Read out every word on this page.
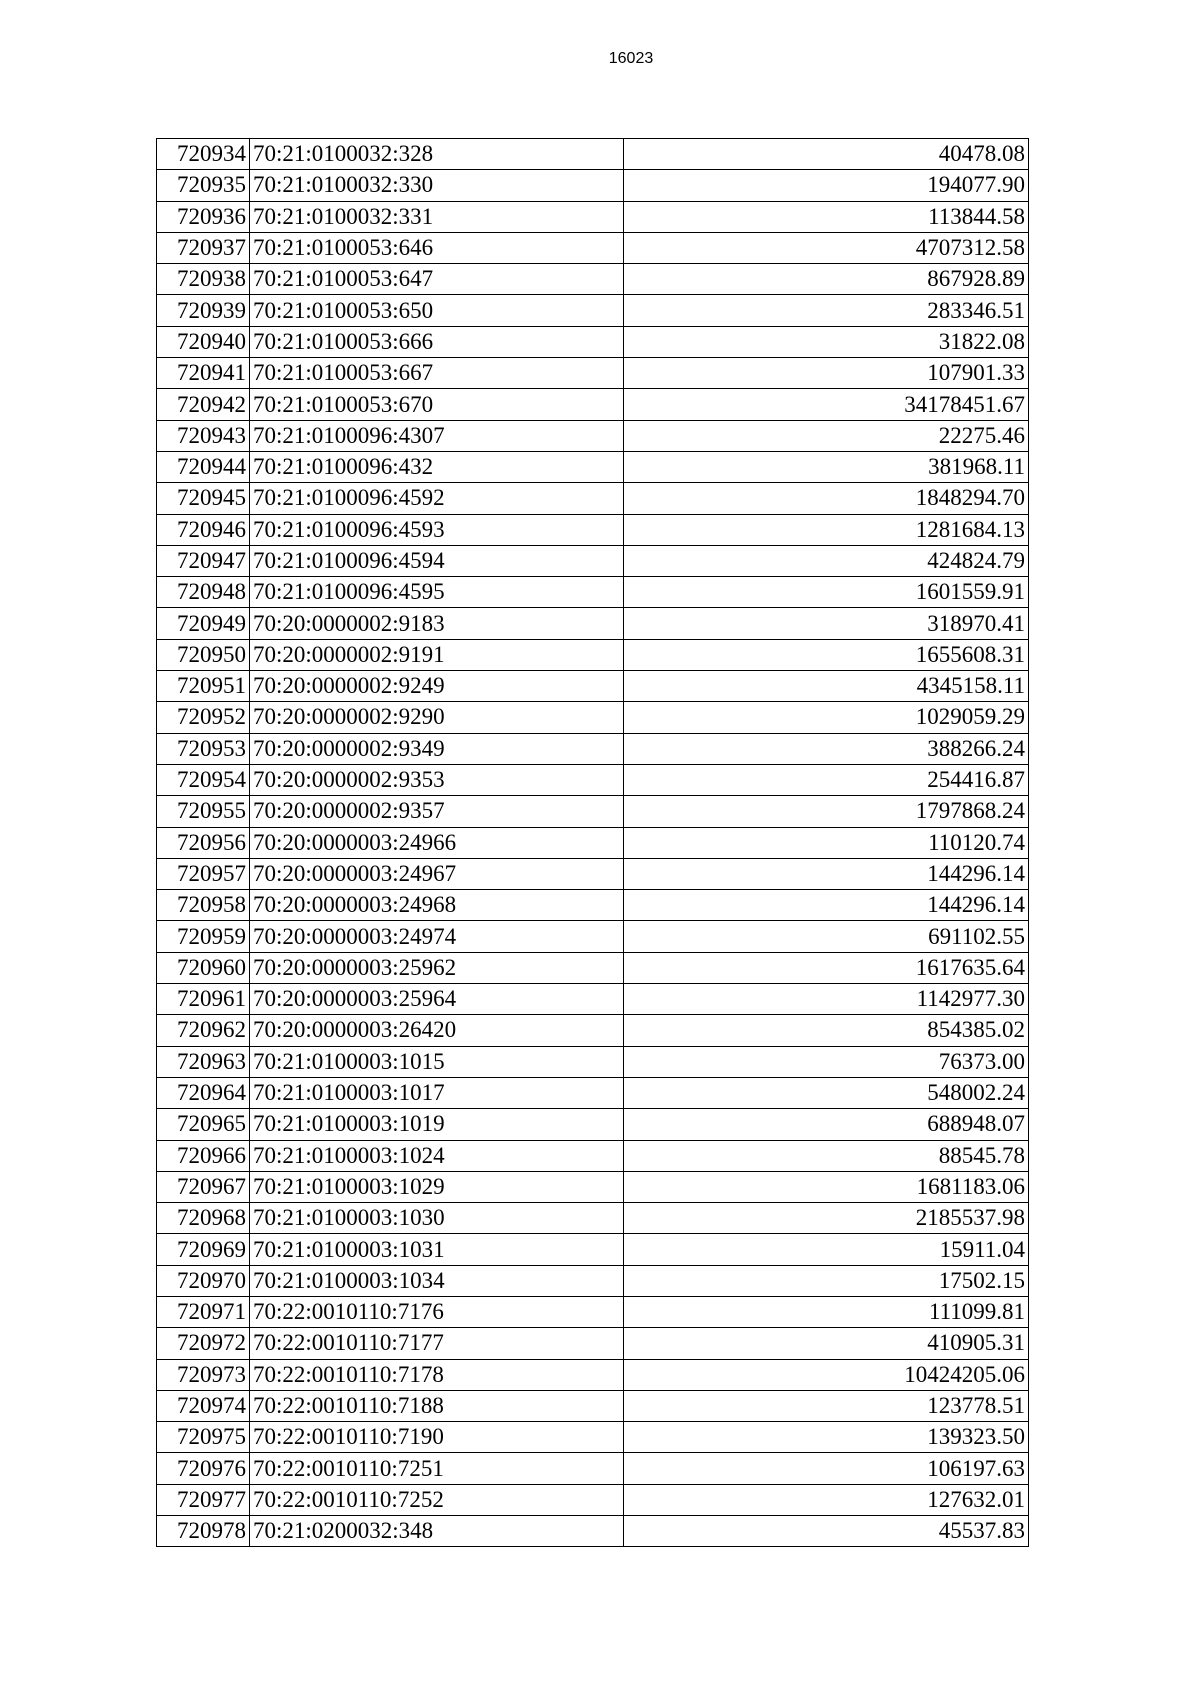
16023
720934	70:21:0100032:328	40478.08
720935	70:21:0100032:330	194077.90
720936	70:21:0100032:331	113844.58
720937	70:21:0100053:646	4707312.58
720938	70:21:0100053:647	867928.89
720939	70:21:0100053:650	283346.51
720940	70:21:0100053:666	31822.08
720941	70:21:0100053:667	107901.33
720942	70:21:0100053:670	34178451.67
720943	70:21:0100096:4307	22275.46
720944	70:21:0100096:432	381968.11
720945	70:21:0100096:4592	1848294.70
720946	70:21:0100096:4593	1281684.13
720947	70:21:0100096:4594	424824.79
720948	70:21:0100096:4595	1601559.91
720949	70:20:0000002:9183	318970.41
720950	70:20:0000002:9191	1655608.31
720951	70:20:0000002:9249	4345158.11
720952	70:20:0000002:9290	1029059.29
720953	70:20:0000002:9349	388266.24
720954	70:20:0000002:9353	254416.87
720955	70:20:0000002:9357	1797868.24
720956	70:20:0000003:24966	110120.74
720957	70:20:0000003:24967	144296.14
720958	70:20:0000003:24968	144296.14
720959	70:20:0000003:24974	691102.55
720960	70:20:0000003:25962	1617635.64
720961	70:20:0000003:25964	1142977.30
720962	70:20:0000003:26420	854385.02
720963	70:21:0100003:1015	76373.00
720964	70:21:0100003:1017	548002.24
720965	70:21:0100003:1019	688948.07
720966	70:21:0100003:1024	88545.78
720967	70:21:0100003:1029	1681183.06
720968	70:21:0100003:1030	2185537.98
720969	70:21:0100003:1031	15911.04
720970	70:21:0100003:1034	17502.15
720971	70:22:0010110:7176	111099.81
720972	70:22:0010110:7177	410905.31
720973	70:22:0010110:7178	10424205.06
720974	70:22:0010110:7188	123778.51
720975	70:22:0010110:7190	139323.50
720976	70:22:0010110:7251	106197.63
720977	70:22:0010110:7252	127632.01
720978	70:21:0200032:348	45537.83
